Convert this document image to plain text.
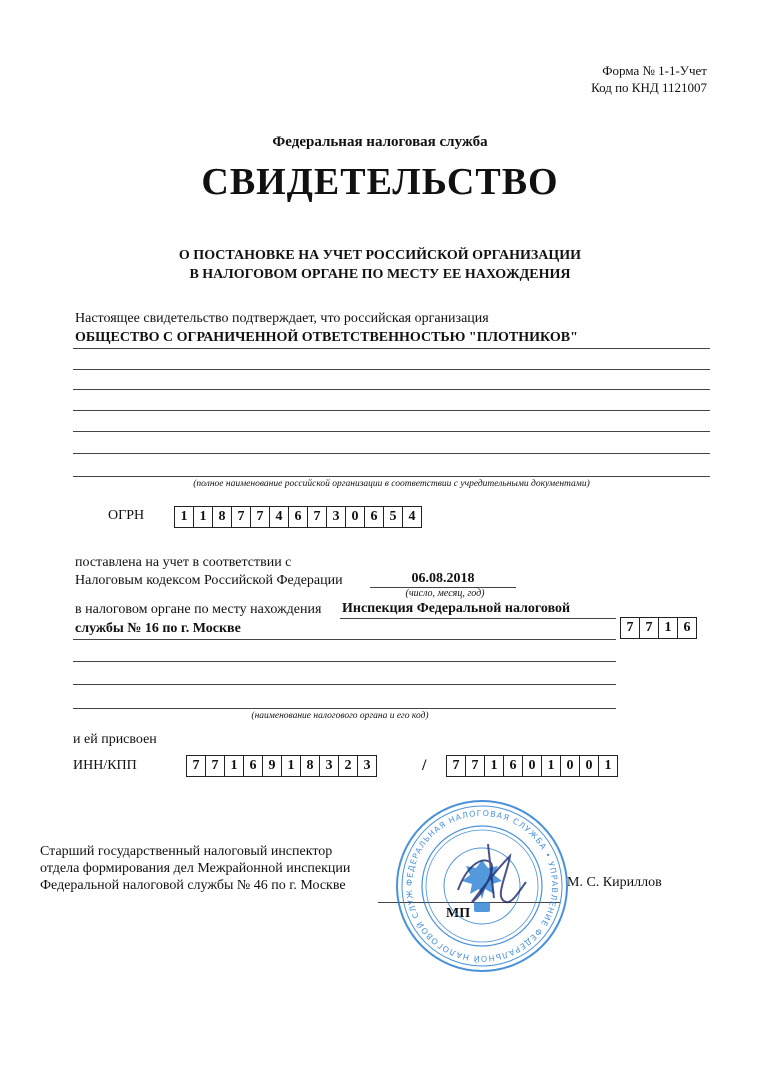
Форма № 1-1-Учет
Код по КНД 1121007
Федеральная налоговая служба
СВИДЕТЕЛЬСТВО
О ПОСТАНОВКЕ НА УЧЕТ РОССИЙСКОЙ ОРГАНИЗАЦИИ
В НАЛОГОВОМ ОРГАНЕ ПО МЕСТУ ЕЕ НАХОЖДЕНИЯ
Настоящее свидетельство подтверждает, что российская организация
ОБЩЕСТВО С ОГРАНИЧЕННОЙ ОТВЕТСТВЕННОСТЬЮ "ПЛОТНИКОВ"
(полное наименование российской организации в соответствии с учредительными документами)
ОГРН	1 1 8 7 7 4 6 7 3 0 6 5 4
поставлена на учет в соответствии с
Налоговым кодексом Российской Федерации	06.08.2018
(число, месяц, год)
в налоговом органе по месту нахождения Инспекция Федеральной налоговой
службы № 16 по г. Москве	7 7 1 6
(наименование налогового органа и его код)
и ей присвоен
ИНН/КПП	7 7 1 6 9 1 8 3 2 3	/	7 7 1 6 0 1 0 0 1
Старший государственный налоговый инспектор
отдела формирования дел Межрайонной инспекции
Федеральной налоговой службы № 46 по г. Москве
МП
М. С. Кириллов
ФЕДЕРАЛЬНАЯ НАЛОГОВАЯ СЛУЖБА • УПРАВЛЕНИЕ ФЕДЕРАЛЬНОЙ НАЛОГОВОЙ СЛУЖ
